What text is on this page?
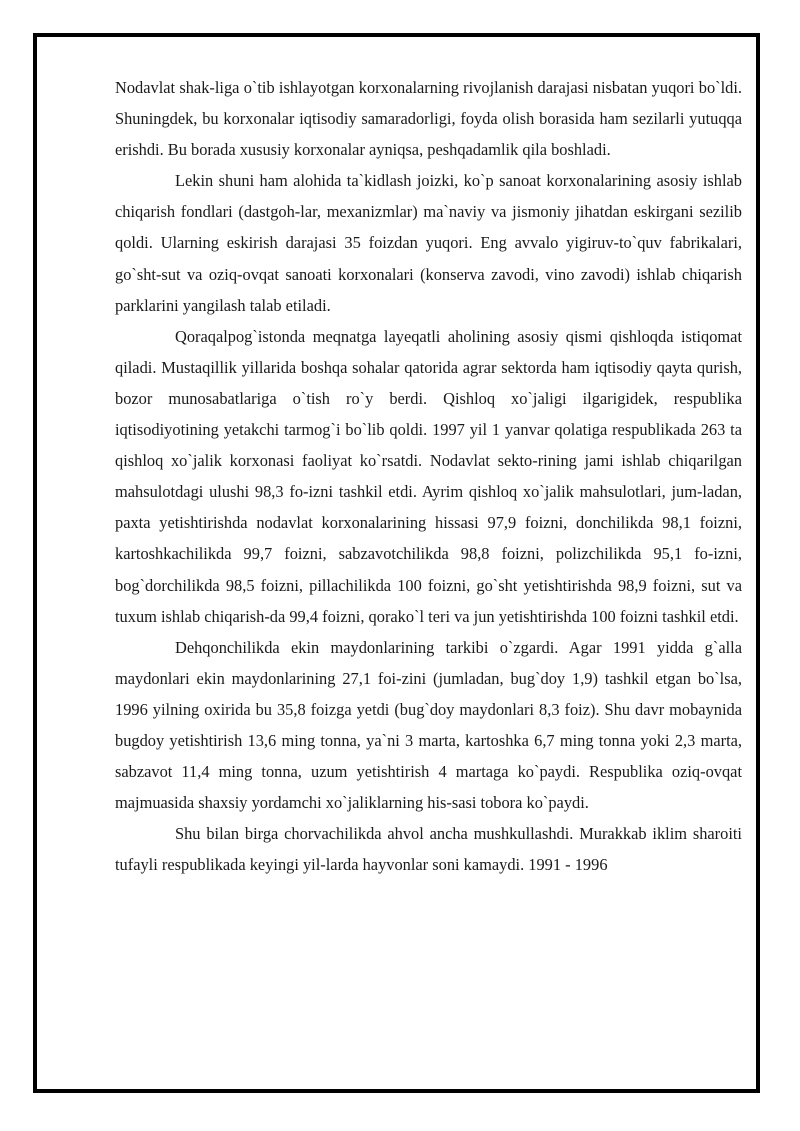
Nodavlat shak-liga o`tib ishlayotgan korxonalarning rivojlanish darajasi nisbatan yuqori bo`ldi. Shuningdek, bu korxonalar iqtisodiy samaradorligi, foyda olish borasida ham sezilarli yutuqqa erishdi. Bu borada xususiy korxonalar ayniqsa, peshqadamlik qila boshladi.

Lekin shuni ham alohida ta`kidlash joizki, ko`p sanoat korxonalarining asosiy ishlab chiqarish fondlari (dastgoh-lar, mexanizmlar) ma`naviy va jismoniy jihatdan eskirgani sezilib qoldi. Ularning eskirish darajasi 35 foizdan yuqori. Eng avvalo yigiruv-to`quv fabrikalari, go`sht-sut va oziq-ovqat sanoati korxonalari (konserva zavodi, vino zavodi) ishlab chiqarish parklarini yangilash talab etiladi.

Qoraqalpog`istonda meqnatga layeqatli aholining asosiy qismi qishloqda istiqomat qiladi. Mustaqillik yillarida boshqa sohalar qatorida agrar sektorda ham iqtisodiy qayta qurish, bozor munosabatlariga o`tish ro`y berdi. Qishloq xo`jaligi ilgarigidek, respublika iqtisodiyotining yetakchi tarmog`i bo`lib qoldi. 1997 yil 1 yanvar qolatiga respublikada 263 ta qishloq xo`jalik korxonasi faoliyat ko`rsatdi. Nodavlat sekto-rining jami ishlab chiqarilgan mahsulotdagi ulushi 98,3 fo-izni tashkil etdi. Ayrim qishloq xo`jalik mahsulotlari, jum-ladan, paxta yetishtirishda nodavlat korxonalarining hissasi 97,9 foizni, donchilikda 98,1 foizni, kartoshkachilikda 99,7 foizni, sabzavotchilikda 98,8 foizni, polizchilikda 95,1 fo-izni, bog`dorchilikda 98,5 foizni, pillachilikda 100 foizni, go`sht yetishtirishda 98,9 foizni, sut va tuxum ishlab chiqarish-da 99,4 foizni, qorako`l teri va jun yetishtirishda 100 foizni tashkil etdi.

Dehqonchilikda ekin maydonlarining tarkibi o`zgardi. Agar 1991 yidda g`alla maydonlari ekin maydonlarining 27,1 foi-zini (jumladan, bug`doy 1,9) tashkil etgan bo`lsa, 1996 yilning oxirida bu 35,8 foizga yetdi (bug`doy maydonlari 8,3 foiz). Shu davr mobaynida bugdoy yetishtirish 13,6 ming tonna, ya`ni 3 marta, kartoshka 6,7 ming tonna yoki 2,3 marta, sabzavot 11,4 ming tonna, uzum yetishtirish 4 martaga ko`paydi. Respublika oziq-ovqat majmuasida shaxsiy yordamchi xo`jaliklarning his-sasi tobora ko`paydi.

Shu bilan birga chorvachilikda ahvol ancha mushkullashdi. Murakkab iklim sharoiti tufayli respublikada keyingi yil-larda hayvonlar soni kamaydi. 1991 - 1996
